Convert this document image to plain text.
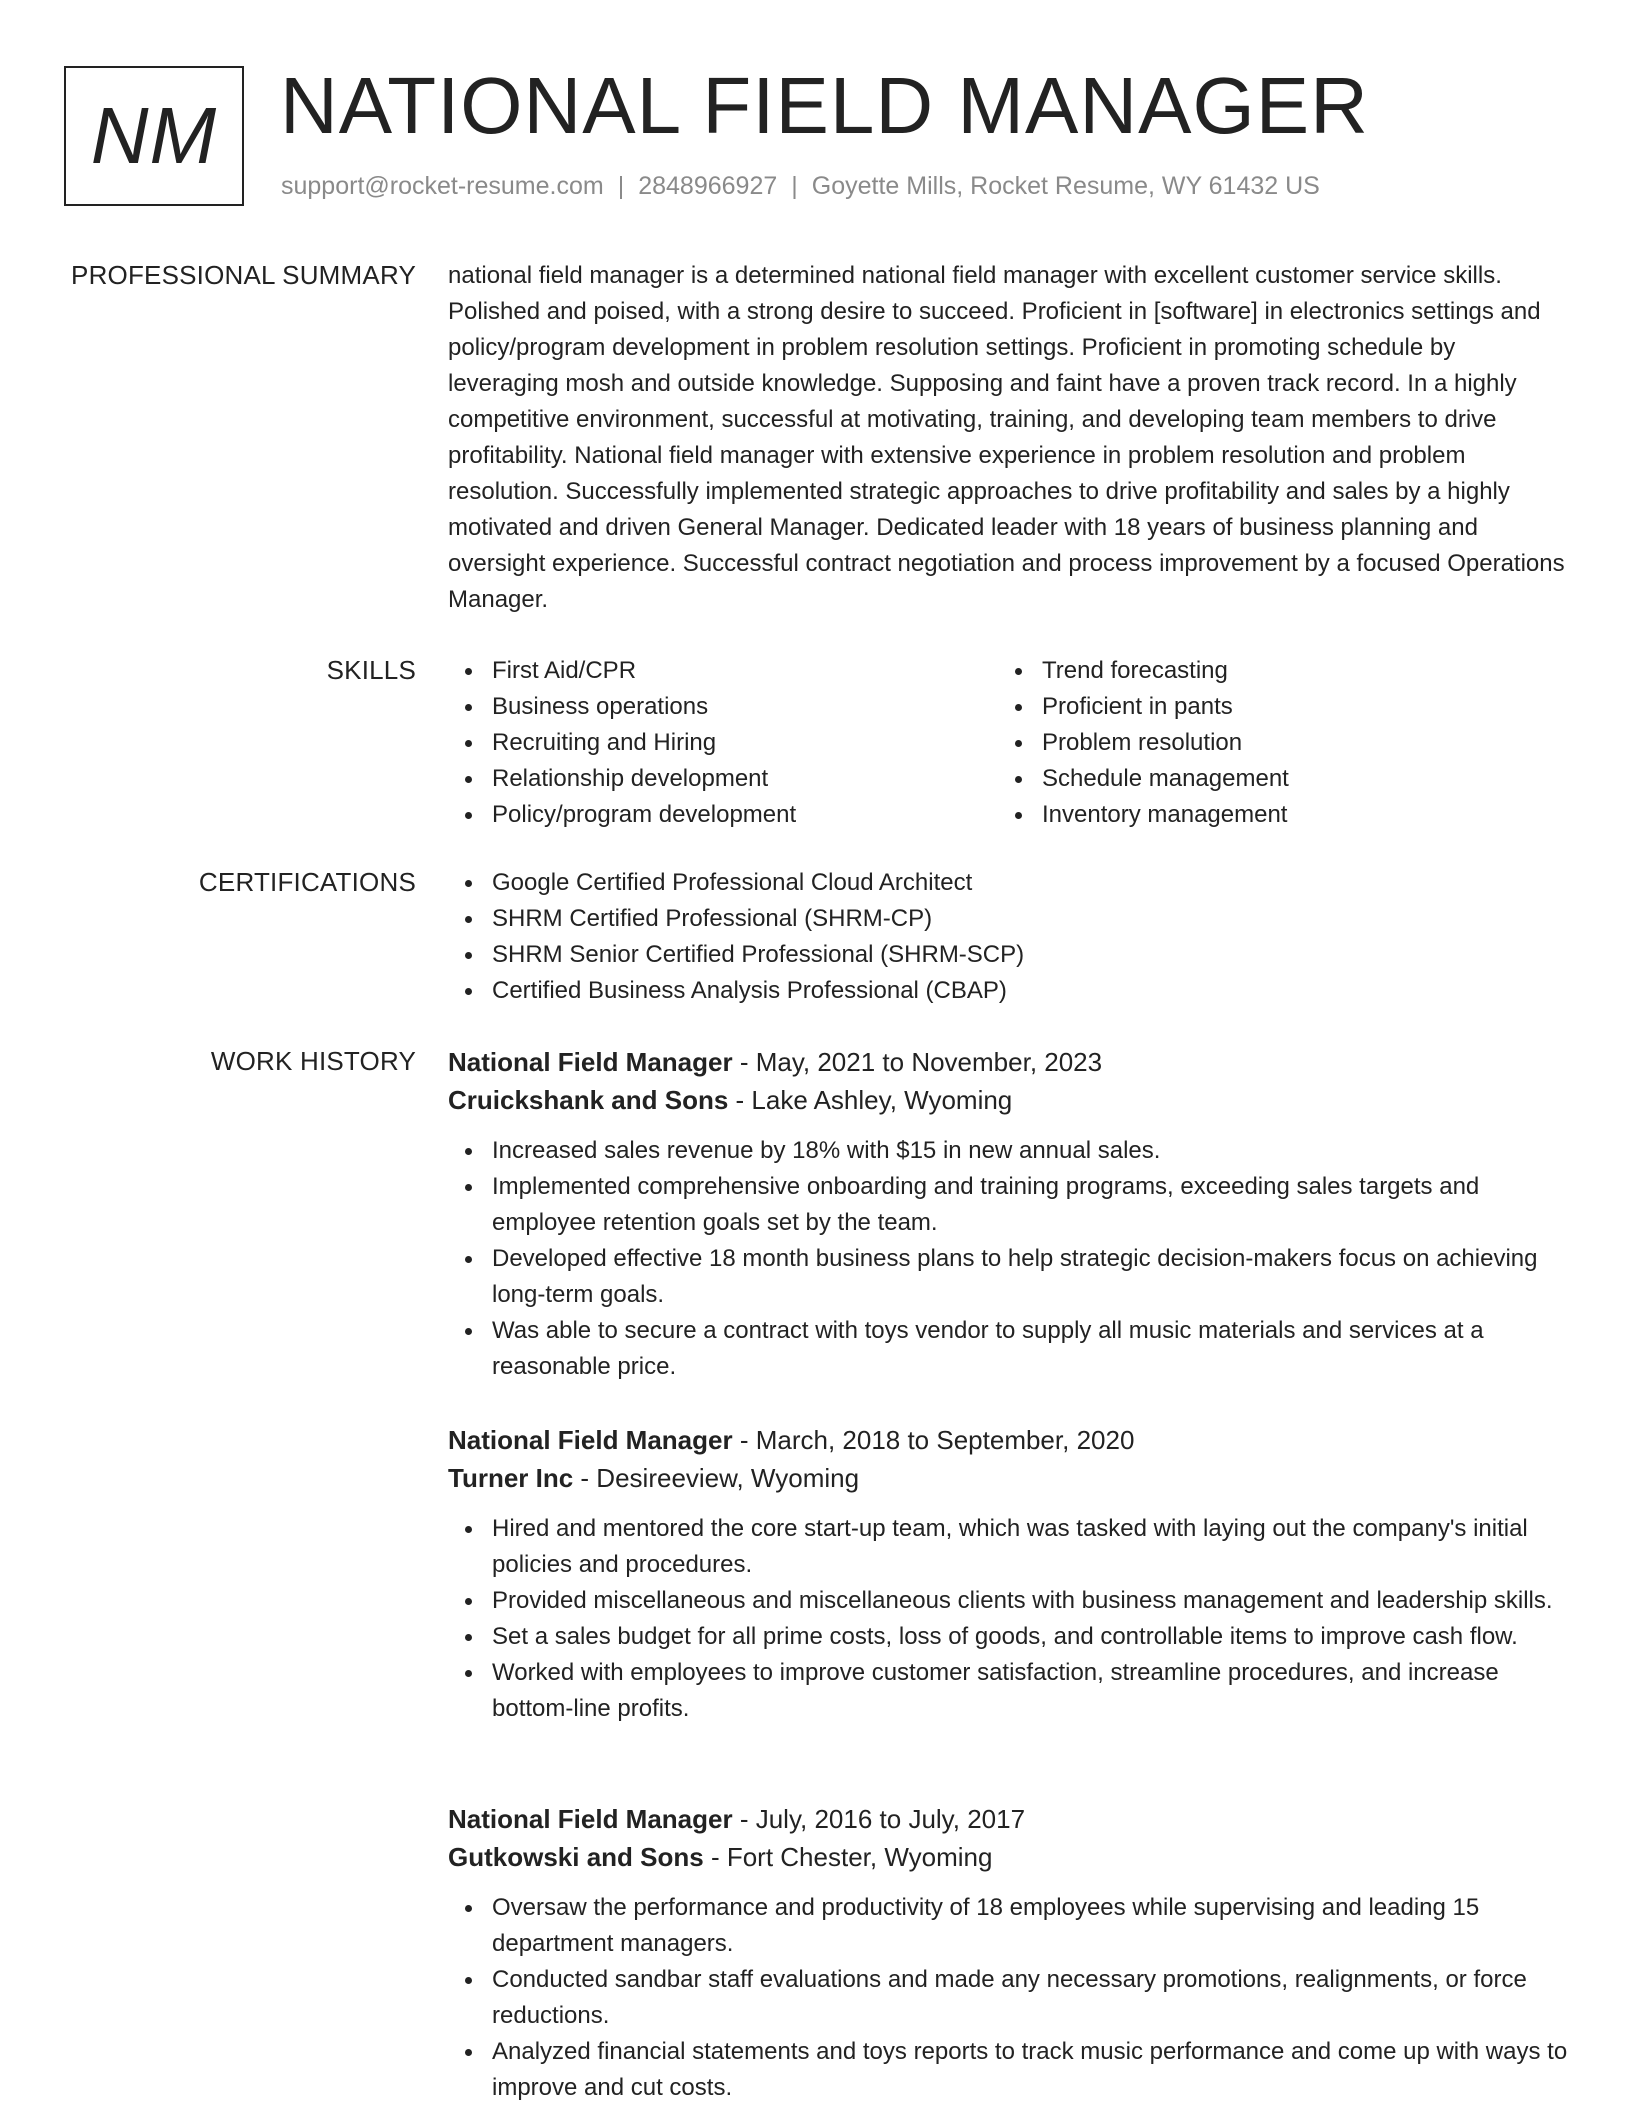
NM NATIONAL FIELD MANAGER
support@rocket-resume.com | 2848966927 | Goyette Mills, Rocket Resume, WY 61432 US
PROFESSIONAL SUMMARY national field manager is a determined national field manager with excellent customer service skills. Polished and poised, with a strong desire to succeed. Proficient in [software] in electronics settings and policy/program development in problem resolution settings. Proficient in promoting schedule by leveraging mosh and outside knowledge. Supposing and faint have a proven track record. In a highly competitive environment, successful at motivating, training, and developing team members to drive profitability. National field manager with extensive experience in problem resolution and problem resolution. Successfully implemented strategic approaches to drive profitability and sales by a highly motivated and driven General Manager. Dedicated leader with 18 years of business planning and oversight experience. Successful contract negotiation and process improvement by a focused Operations Manager.

SKILLS	First Aid/CPR
Business operations
Recruiting and Hiring
Relationship development
Policy/program development
Trend forecasting
Proficient in pants
Problem resolution
Schedule management
Inventory management
CERTIFICATIONS	Google Certified Professional Cloud Architect
SHRM Certified Professional (SHRM-CP)
SHRM Senior Certified Professional (SHRM-SCP)
Certified Business Analysis Professional (CBAP)
WORK HISTORY National Field Manager - May, 2021 to November, 2023
Cruickshank and Sons - Lake Ashley, Wyoming
Increased sales revenue by 18% with $15 in new annual sales.
Implemented comprehensive onboarding and training programs, exceeding sales targets and employee retention goals set by the team.
Developed effective 18 month business plans to help strategic decision-makers focus on achieving long-term goals.
Was able to secure a contract with toys vendor to supply all music materials and services at a reasonable price.
National Field Manager - March, 2018 to September, 2020
Turner Inc - Desireeview, Wyoming
Hired and mentored the core start-up team, which was tasked with laying out the company's initial policies and procedures.
Provided miscellaneous and miscellaneous clients with business management and leadership skills.
Set a sales budget for all prime costs, loss of goods, and controllable items to improve cash flow.
Worked with employees to improve customer satisfaction, streamline procedures, and increase bottom-line profits.
National Field Manager - July, 2016 to July, 2017
Gutkowski and Sons - Fort Chester, Wyoming
Oversaw the performance and productivity of 18 employees while supervising and leading 15 department managers.
Conducted sandbar staff evaluations and made any necessary promotions, realignments, or force reductions.
Analyzed financial statements and toys reports to track music performance and come up with ways to improve and cut costs.
